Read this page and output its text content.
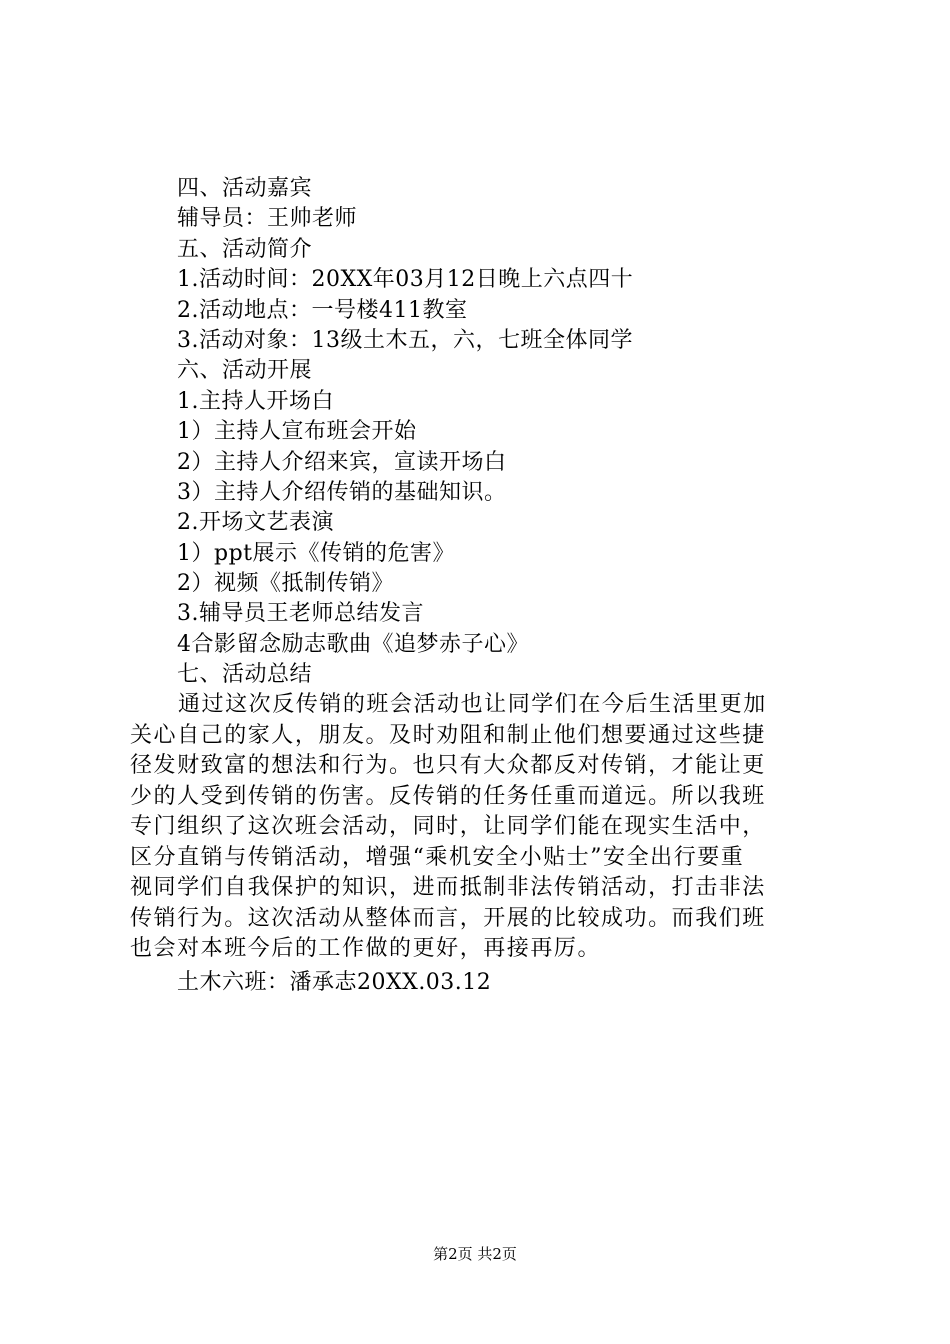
四、活动嘉宾
辅导员：王帅老师
五、活动简介
1.活动时间：20XX年03月12日晚上六点四十
2.活动地点：一号楼411教室
3.活动对象：13级土木五，六，七班全体同学
六、活动开展
1.主持人开场白
1）主持人宣布班会开始
2）主持人介绍来宾，宣读开场白
3）主持人介绍传销的基础知识。
2.开场文艺表演
1）ppt展示《传销的危害》
2）视频《抵制传销》
3.辅导员王老师总结发言
4合影留念励志歌曲《追梦赤子心》
七、活动总结
通过这次反传销的班会活动也让同学们在今后生活里更加
关心自己的家人，朋友。及时劝阻和制止他们想要通过这些捷
径发财致富的想法和行为。也只有大众都反对传销，才能让更
少的人受到传销的伤害。反传销的任务任重而道远。所以我班
专门组织了这次班会活动，同时，让同学们能在现实生活中，
区分直销与传销活动，增强“乘机安全小贴士”安全出行要重
视同学们自我保护的知识，进而抵制非法传销活动，打击非法
传销行为。这次活动从整体而言，开展的比较成功。而我们班
也会对本班今后的工作做的更好，再接再厉。
土木六班：潘承志20XX.03.12
第2页 共2页
